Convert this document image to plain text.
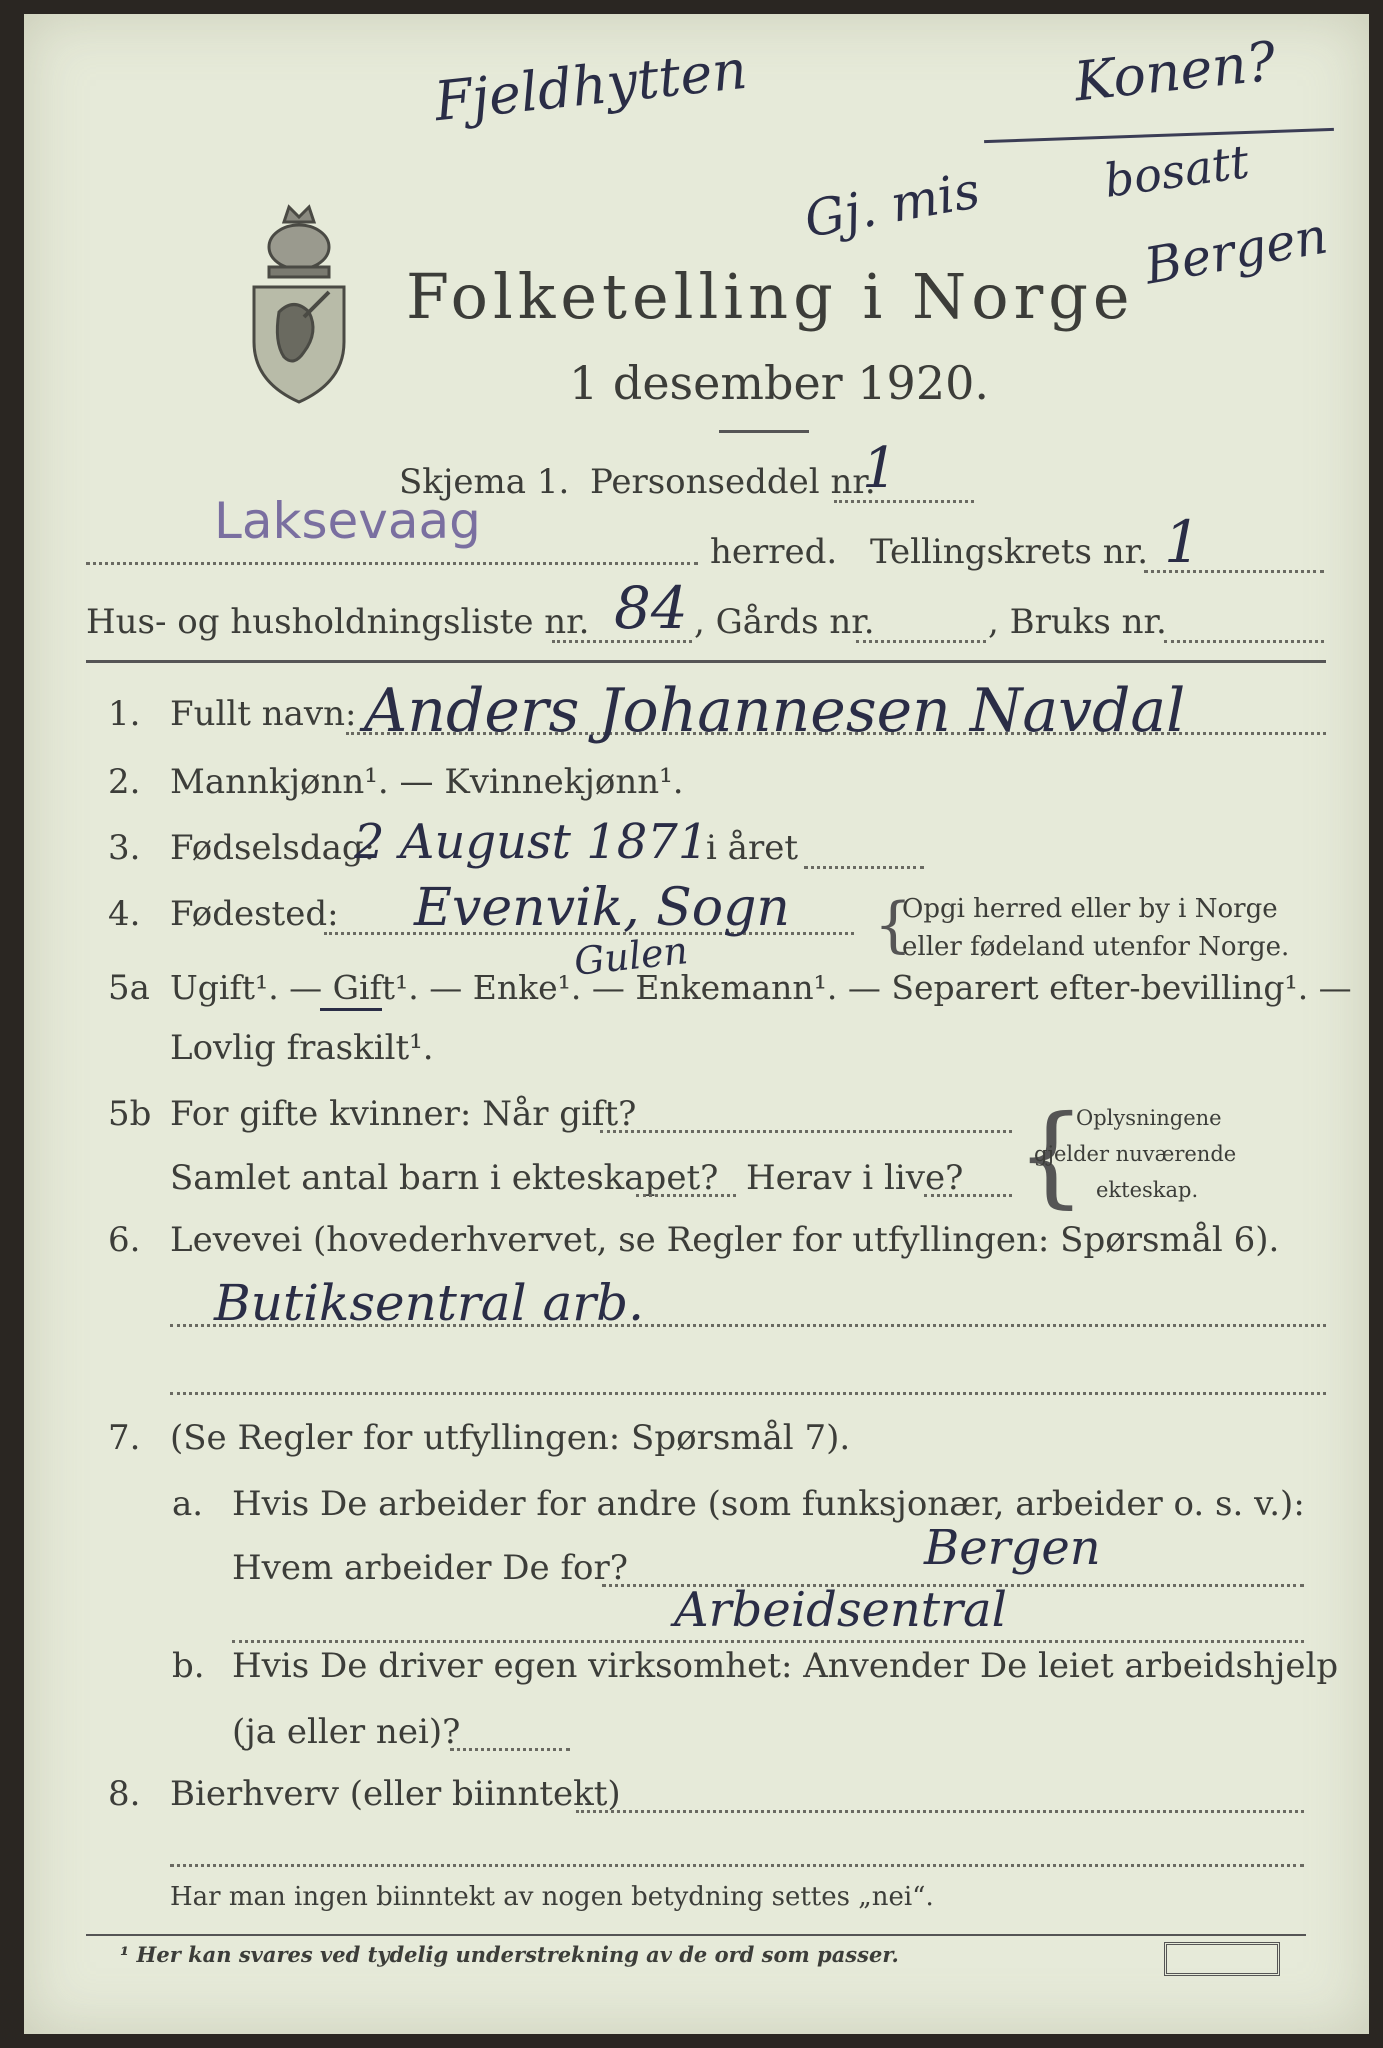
Fjeldhytten	Konen?
bosatt
Gj. mis
Bergen
Folketelling i Norge
1 desember 1920.
Skjema 1. Personseddel nr.
1
Laksevaag
herred. Tellingskrets nr. 1
Hus- og husholdningsliste nr. 84 , Gårds nr.	, Bruks nr.
1. Fullt navn: Anders Johannesen Navdal
2. Mannkjønn¹. — Kvinnekjønn¹.
3. Fødselsdag:
2 August 1871
i året
4. Fødested: Evenvik, Sogn
Gulen	{
Opgi herred eller by i Norge
eller fødeland utenfor Norge.
5a Ugift¹. — Gift¹. — Enke¹. — Enkemann¹. — Separert efter-bevilling¹. —
Lovlig fraskilt¹.
5b For gifte kvinner: Når gift?
Samlet antal barn i ekteskapet? Herav i live? {
Oplysningene
gjelder nuværende
ekteskap.
6. Levevei (hovederhvervet, se Regler for utfyllingen: Spørsmål 6).
Butiksentral arb.
7. (Se Regler for utfyllingen: Spørsmål 7).
a. Hvis De arbeider for andre (som funksjonær, arbeider o. s. v.):
Hvem arbeider De for?	Bergen
Arbeidsentral
b. Hvis De driver egen virksomhet: Anvender De leiet arbeidshjelp
(ja eller nei)?
8. Bierhverv (eller biinntekt)
Har man ingen biinntekt av nogen betydning settes „nei“.
¹ Her kan svares ved tydelig understrekning av de ord som passer.
